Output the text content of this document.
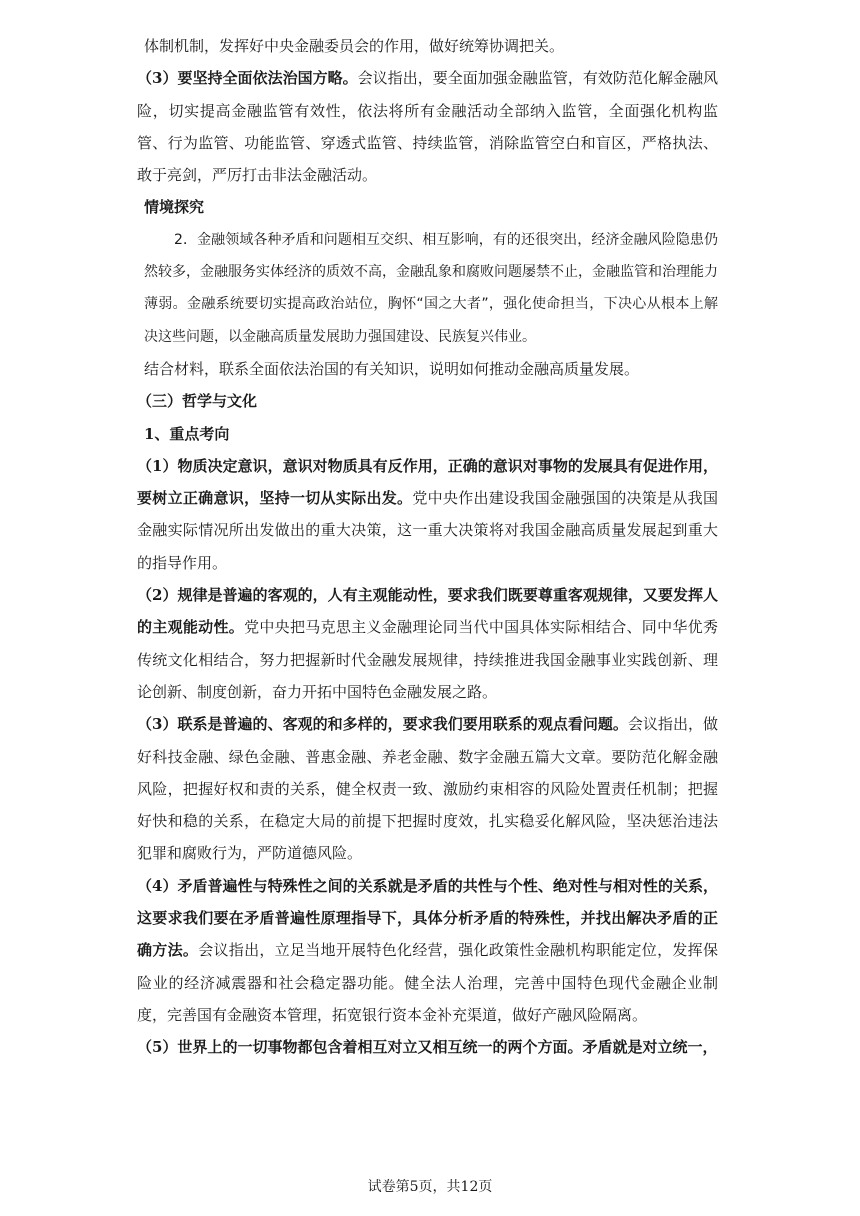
体制机制，发挥好中央金融委员会的作用，做好统筹协调把关。

（3）要坚持全面依法治国方略。会议指出，要全面加强金融监管，有效防范化解金融风险，切实提高金融监管有效性，依法将所有金融活动全部纳入监管，全面强化机构监管、行为监管、功能监管、穿透式监管、持续监管，消除监管空白和盲区，严格执法、敢于亮剑，严厉打击非法金融活动。

情境探究

2．金融领域各种矛盾和问题相互交织、相互影响，有的还很突出，经济金融风险隐患仍然较多，金融服务实体经济的质效不高，金融乱象和腐败问题屡禁不止，金融监管和治理能力薄弱。金融系统要切实提高政治站位，胸怀“国之大者”，强化使命担当，下决心从根本上解决这些问题，以金融高质量发展助力强国建设、民族复兴伟业。

结合材料，联系全面依法治国的有关知识，说明如何推动金融高质量发展。

（三）哲学与文化

1、重点考向

（1）物质决定意识，意识对物质具有反作用，正确的意识对事物的发展具有促进作用，要树立正确意识，坚持一切从实际出发。党中央作出建设我国金融强国的决策是从我国金融实际情况所出发做出的重大决策，这一重大决策将对我国金融高质量发展起到重大的指导作用。

（2）规律是普遍的客观的，人有主观能动性，要求我们既要尊重客观规律，又要发挥人的主观能动性。党中央把马克思主义金融理论同当代中国具体实际相结合、同中华优秀传统文化相结合，努力把握新时代金融发展规律，持续推进我国金融事业实践创新、理论创新、制度创新，奋力开拓中国特色金融发展之路。

（3）联系是普遍的、客观的和多样的，要求我们要用联系的观点看问题。会议指出，做好科技金融、绿色金融、普惠金融、养老金融、数字金融五篇大文章。要防范化解金融风险，把握好权和责的关系，健全权责一致、激励约束相容的风险处置责任机制；把握好快和稳的关系，在稳定大局的前提下把握时度效，扎实稳妥化解风险，坚决惩治违法犯罪和腐败行为，严防道德风险。

（4）矛盾普遍性与特殊性之间的关系就是矛盾的共性与个性、绝对性与相对性的关系，这要求我们要在矛盾普遍性原理指导下，具体分析矛盾的特殊性，并找出解决矛盾的正确方法。会议指出，立足当地开展特色化经营，强化政策性金融机构职能定位，发挥保险业的经济减震器和社会稳定器功能。健全法人治理，完善中国特色现代金融企业制度，完善国有金融资本管理，拓宽银行资本金补充渠道，做好产融风险隔离。

（5）世界上的一切事物都包含着相互对立又相互统一的两个方面。矛盾就是对立统一，

试卷第5页，共12页
